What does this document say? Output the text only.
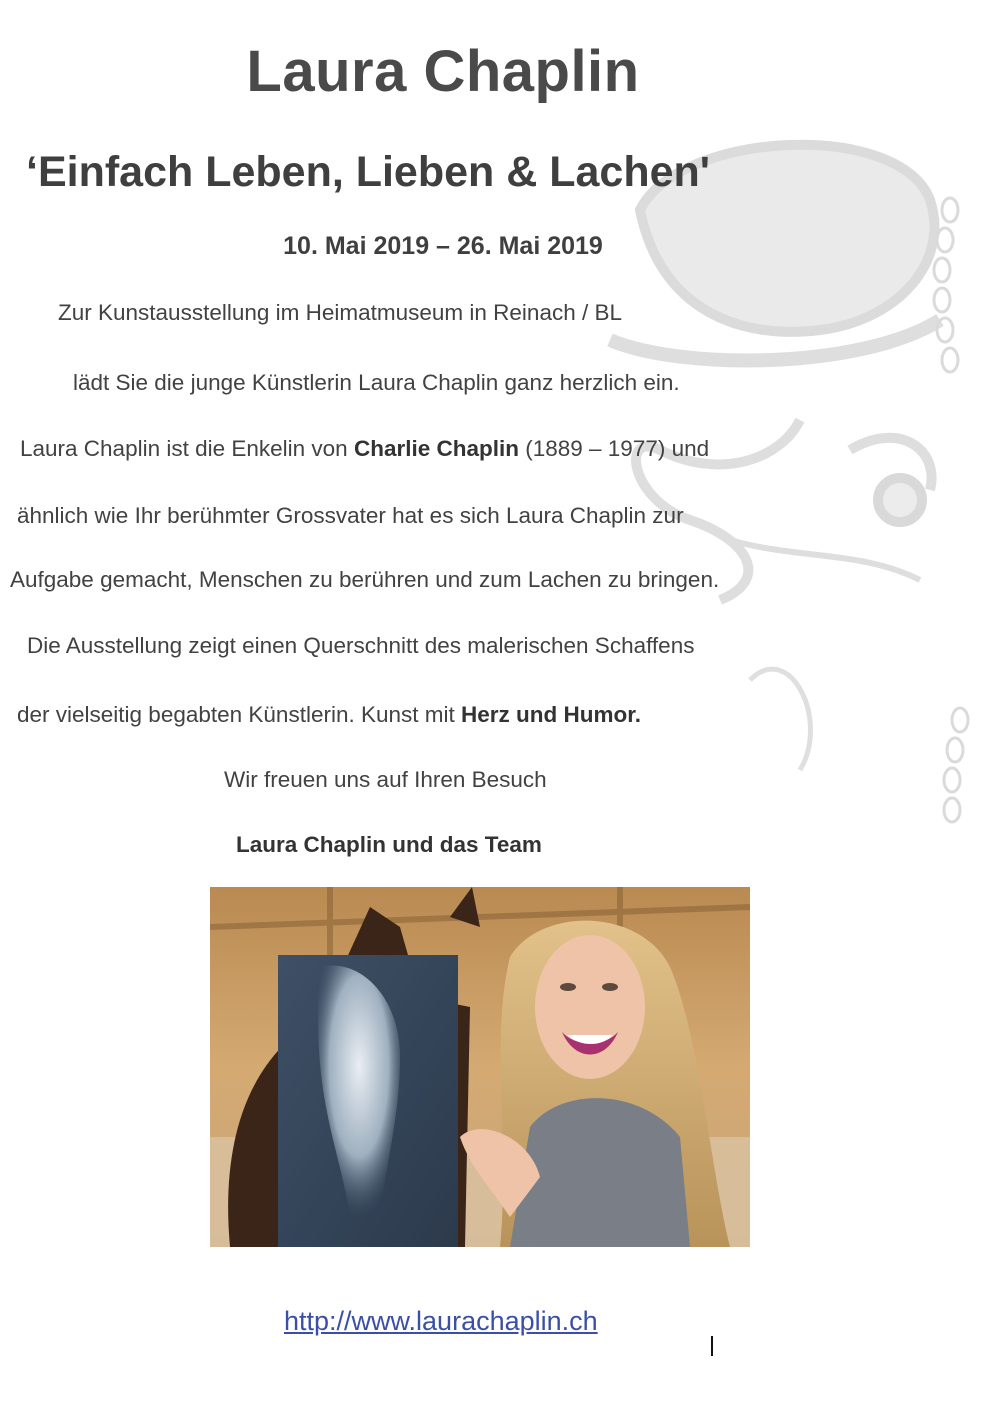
Laura Chaplin
‘Einfach Leben, Lieben & Lachen'
10. Mai 2019 – 26. Mai 2019
Zur Kunstausstellung im Heimatmuseum in Reinach / BL
lädt Sie die junge Künstlerin Laura Chaplin ganz herzlich ein.
Laura Chaplin ist die Enkelin von Charlie Chaplin (1889 – 1977) und
ähnlich wie Ihr berühmter Grossvater hat es sich Laura Chaplin zur
Aufgabe gemacht, Menschen zu berühren und zum Lachen zu bringen.
Die Ausstellung zeigt einen Querschnitt des malerischen Schaffens
der vielseitig begabten Künstlerin. Kunst mit Herz und Humor.
Wir freuen uns auf Ihren Besuch
Laura Chaplin und das Team
http://www.laurachaplin.ch
